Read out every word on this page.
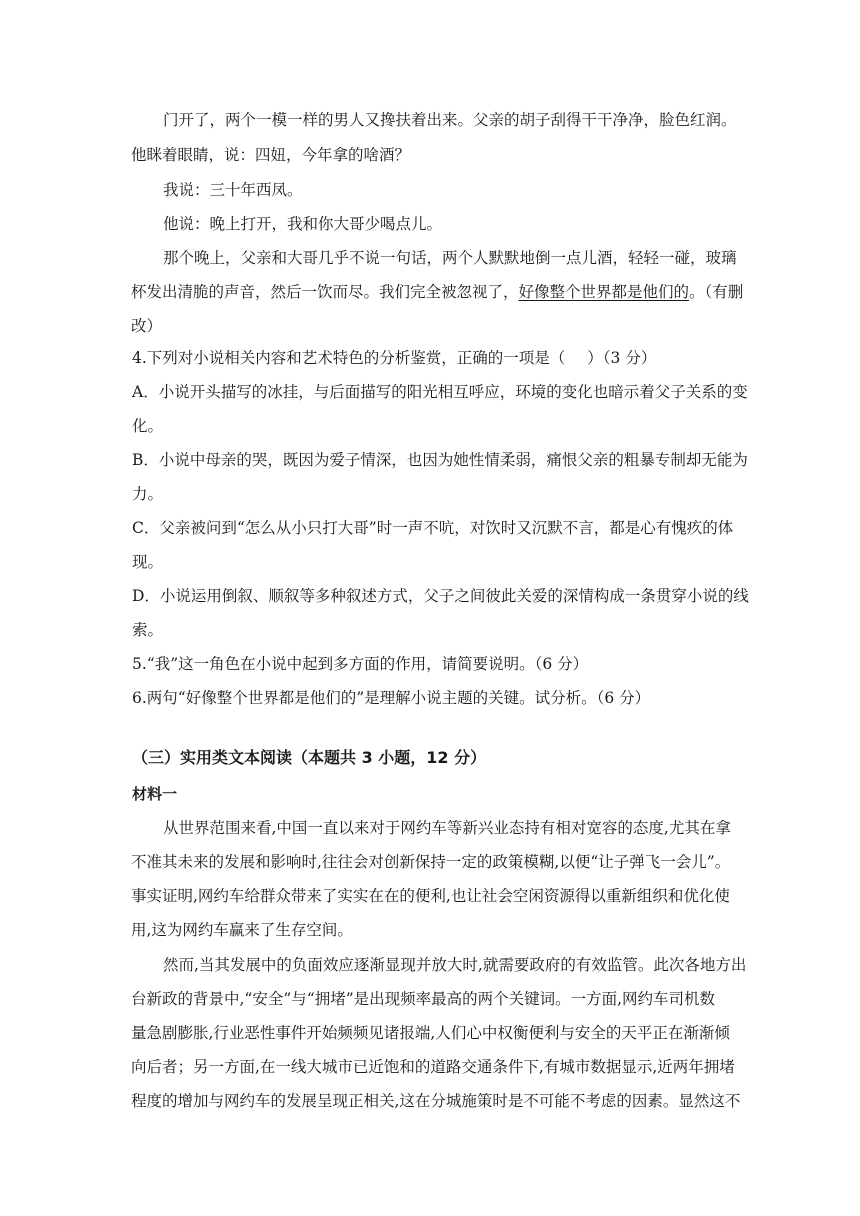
门开了，两个一模一样的男人又搀扶着出来。父亲的胡子刮得干干净净，脸色红润。
他眯着眼睛，说：四妞，今年拿的啥酒？
我说：三十年西凤。
他说：晚上打开，我和你大哥少喝点儿。
那个晚上，父亲和大哥几乎不说一句话，两个人默默地倒一点儿酒，轻轻一碰，玻璃
杯发出清脆的声音，然后一饮而尽。我们完全被忽视了，好像整个世界都是他们的。（有删
改）
4.下列对小说相关内容和艺术特色的分析鉴赏，正确的一项是（ ）（3 分）
A．小说开头描写的冰挂，与后面描写的阳光相互呼应，环境的变化也暗示着父子关系的变
化。
B．小说中母亲的哭，既因为爱子情深，也因为她性情柔弱，痛恨父亲的粗暴专制却无能为
力。
C．父亲被问到“怎么从小只打大哥”时一声不吭，对饮时又沉默不言，都是心有愧疚的体
现。
D．小说运用倒叙、顺叙等多种叙述方式，父子之间彼此关爱的深情构成一条贯穿小说的线
索。
5.“我”这一角色在小说中起到多方面的作用，请简要说明。（6 分）
6.两句“好像整个世界都是他们的”是理解小说主题的关键。试分析。（6 分）
（三）实用类文本阅读（本题共 3 小题，12 分）
材料一
从世界范围来看,中国一直以来对于网约车等新兴业态持有相对宽容的态度,尤其在拿
不准其未来的发展和影响时,往往会对创新保持一定的政策模糊,以便“让子弹飞一会儿”。
事实证明,网约车给群众带来了实实在在的便利,也让社会空闲资源得以重新组织和优化使
用,这为网约车赢来了生存空间。
然而,当其发展中的负面效应逐渐显现并放大时,就需要政府的有效监管。此次各地方出
台新政的背景中,“安全”与“拥堵”是出现频率最高的两个关键词。一方面,网约车司机数
量急剧膨胀,行业恶性事件开始频频见诸报端,人们心中权衡便利与安全的天平正在渐渐倾
向后者；另一方面,在一线大城市已近饱和的道路交通条件下,有城市数据显示,近两年拥堵
程度的增加与网约车的发展呈现正相关,这在分城施策时是不可能不考虑的因素。显然这不
